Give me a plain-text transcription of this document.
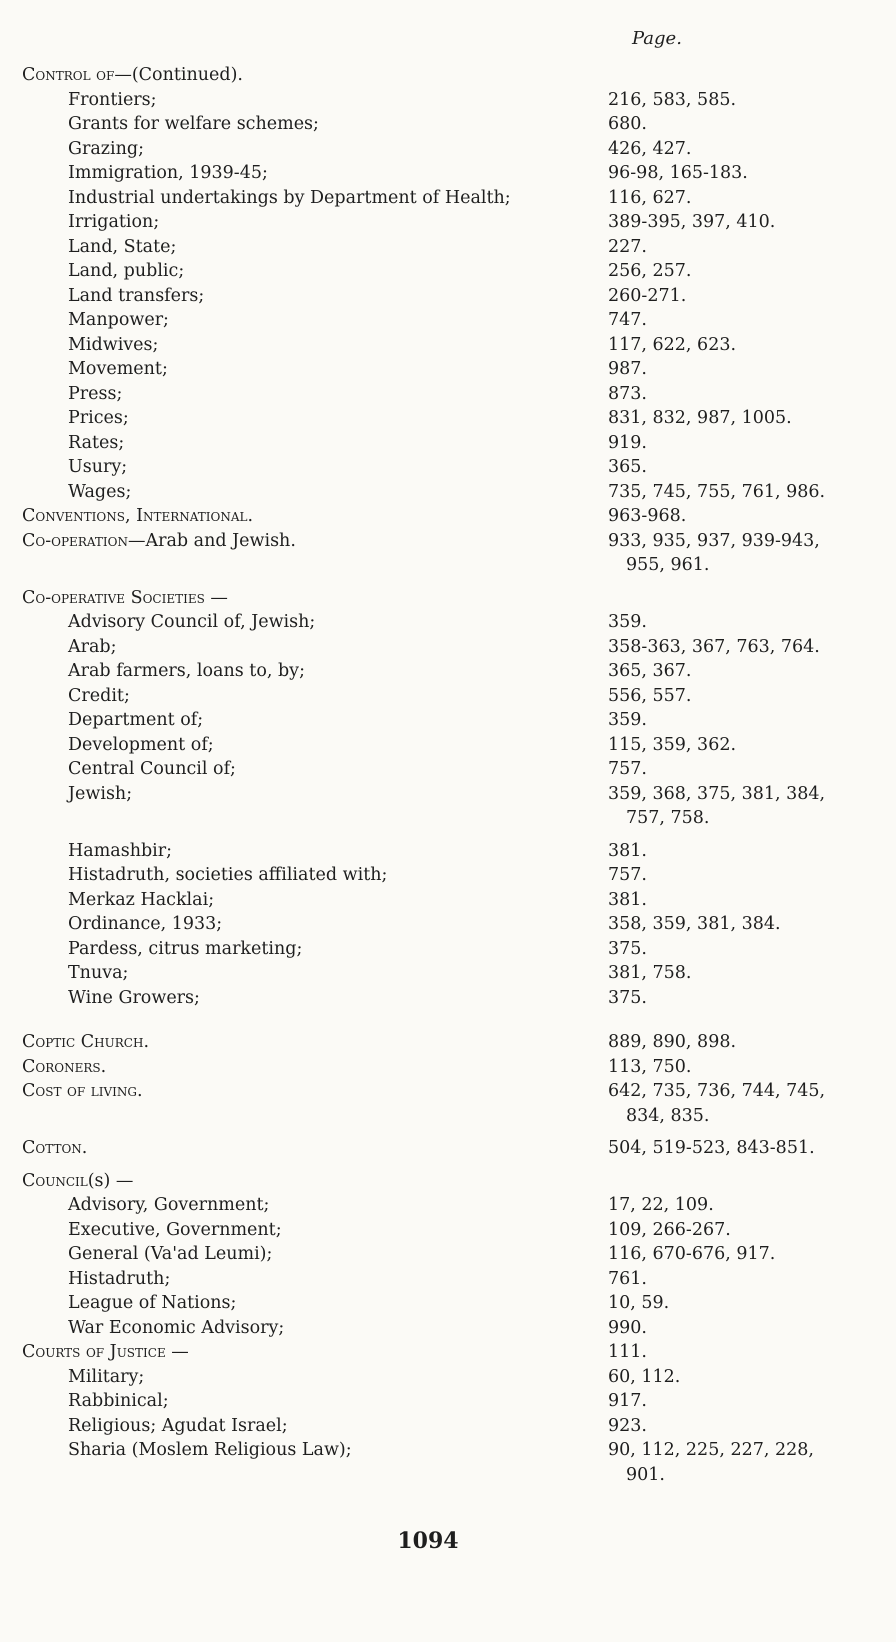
Page.
Control of—(Continued).
Frontiers;	216, 583, 585.
Grants for welfare schemes;	680.
Grazing;	426, 427.
Immigration, 1939-45;	96-98, 165-183.
Industrial undertakings by Department of Health;	116, 627.
Irrigation;	389-395, 397, 410.
Land, State;	227.
Land, public;	256, 257.
Land transfers;	260-271.
Manpower;	747.
Midwives;	117, 622, 623.
Movement;	987.
Press;	873.
Prices;	831, 832, 987, 1005.
Rates;	919.
Usury;	365.
Wages;	735, 745, 755, 761, 986.
Conventions, International.	963-968.
Co-operation—Arab and Jewish.	933, 935, 937, 939-943,
955, 961.
Co-operative Societies —
Advisory Council of, Jewish;	359.
Arab;	358-363, 367, 763, 764.
Arab farmers, loans to, by;	365, 367.
Credit;	556, 557.
Department of;	359.
Development of;	115, 359, 362.
Central Council of;	757.
Jewish;	359, 368, 375, 381, 384,
757, 758.
Hamashbir;	381.
Histadruth, societies affiliated with;	757.
Merkaz Hacklai;	381.
Ordinance, 1933;	358, 359, 381, 384.
Pardess, citrus marketing;	375.
Tnuva;	381, 758.
Wine Growers;	375.
Coptic Church.	889, 890, 898.
Coroners.	113, 750.
Cost of living.	642, 735, 736, 744, 745,
834, 835.
Cotton.	504, 519-523, 843-851.
Council(s) —
Advisory, Government;	17, 22, 109.
Executive, Government;	109, 266-267.
General (Va'ad Leumi);	116, 670-676, 917.
Histadruth;	761.
League of Nations;	10, 59.
War Economic Advisory;	990.
Courts of Justice —	111.
Military;	60, 112.
Rabbinical;	917.
Religious; Agudat Israel;	923.
Sharia (Moslem Religious Law);	90, 112, 225, 227, 228,
901.
1094
